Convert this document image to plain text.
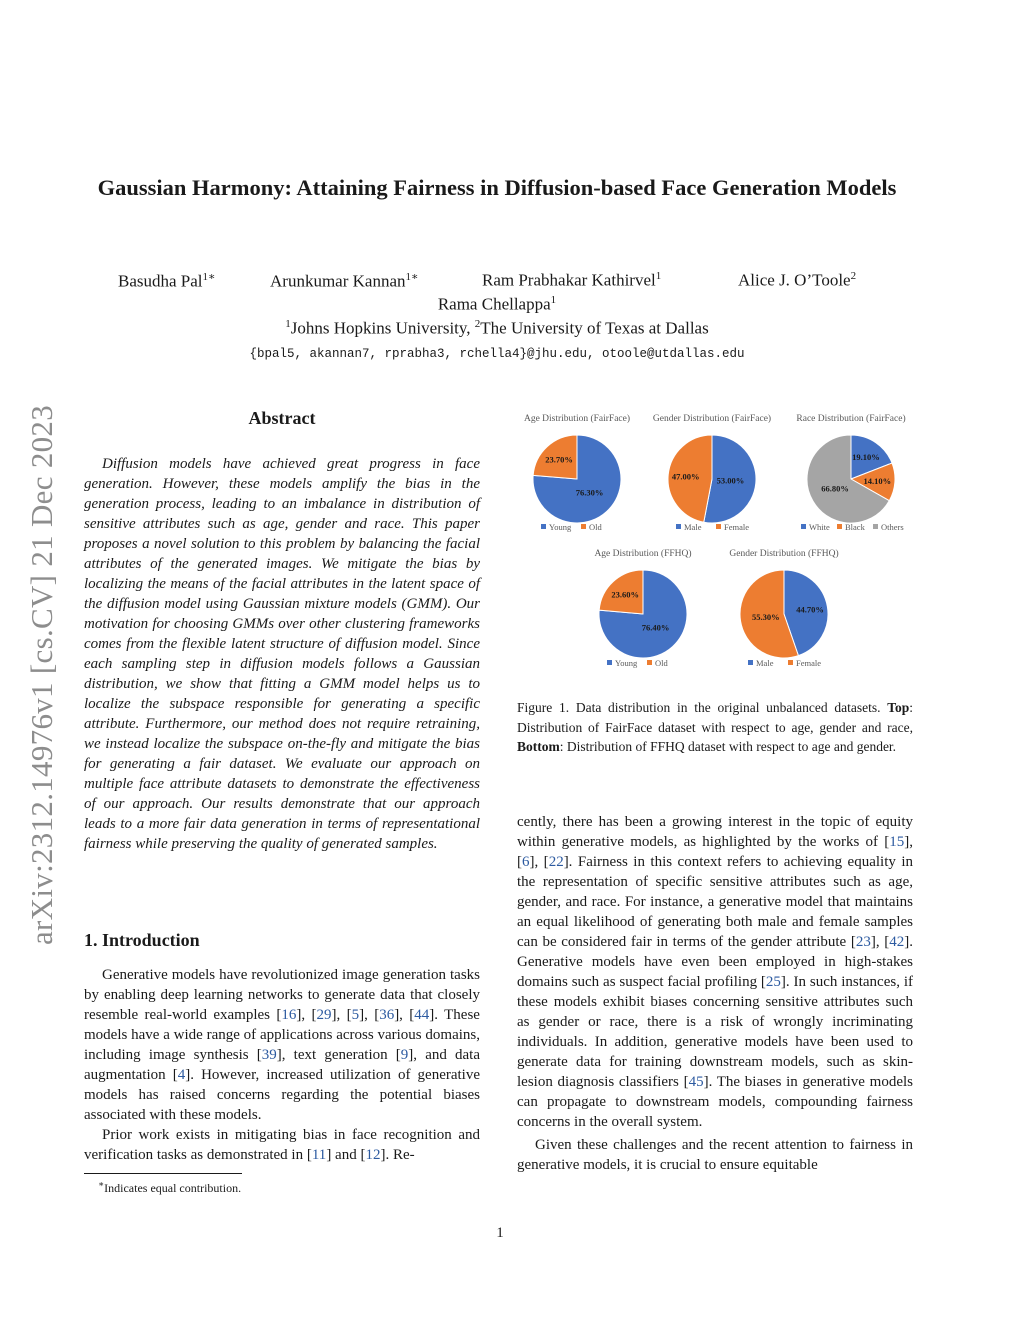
Gaussian Harmony: Attaining Fairness in Diffusion-based Face Generation Models
Basudha Pal$^{1∗}$	Arunkumar Kannan$^{1∗}$	Ram Prabhakar Kathirvel$^1$	Alice J. O’Toole$^2$
Rama Chellappa$^1$
$^1$Johns Hopkins University, $^2$The University of Texas at Dallas
{bpal5, akannan7, rprabha3, rchella4}@jhu.edu, otoole@utdallas.edu
arXiv:2312.14976v1 [cs.CV] 21 Dec 2023	Abstract

Diffusion models have achieved great progress in face generation. However, these models amplify the bias in the generation process, leading to an imbalance in distribution of sensitive attributes such as age, gender and race. This paper proposes a novel solution to this problem by balancing the facial attributes of the generated images. We mitigate the bias by localizing the means of the facial attributes in the latent space of the diffusion model using Gaussian mixture models (GMM). Our motivation for choosing GMMs over other clustering frameworks comes from the flexible latent structure of diffusion model. Since each sampling step in diffusion models follows a Gaussian distribution, we show that fitting a GMM model helps us to localize the subspace responsible for generating a specific attribute. Furthermore, our method does not require retraining, we instead localize the subspace on-the-fly and mitigate the bias for generating a fair dataset. We evaluate our approach on multiple face attribute datasets to demonstrate the effectiveness of our approach. Our results demonstrate that our approach leads to a more fair data generation in terms of representational fairness while preserving the quality of generated samples.

1. Introduction
Generative models have revolutionized image generation tasks by enabling deep learning networks to generate data that closely resemble real-world examples [16], [29], [5], [36], [44]. These models have a wide range of applications across various domains, including image synthesis [39], text generation [9], and data augmentation [4]. However, increased utilization of generative models has raised concerns regarding the potential biases associated with these models.
Prior work exists in mitigating bias in face recognition and verification tasks as demonstrated in [11] and [12]. Re-
∗Indicates equal contribution.
Age Distribution (FairFace)
76.30%
23.70%
Young Old
Gender Distribution (FairFace)
53.00%
47.00%
Male	Female
Race Distribution (FairFace)
19.10%
14.10%
66.80%
White Black Others
Age Distribution (FFHQ)
76.40%
23.60%
Young Old
Gender Distribution (FFHQ)
44.70%
55.30%
Male	Female

Figure 1. Data distribution in the original unbalanced datasets. Top: Distribution of FairFace dataset with respect to age, gender and race, Bottom: Distribution of FFHQ dataset with respect to age and gender.

cently, there has been a growing interest in the topic of equity within generative models, as highlighted by the works of [15], [6], [22]. Fairness in this context refers to achieving equality in the representation of specific sensitive attributes such as age, gender, and race. For instance, a generative model that maintains an equal likelihood of generating both male and female samples can be considered fair in terms of the gender attribute [23], [42]. Generative models have even been employed in high-stakes domains such as suspect facial profiling [25]. In such instances, if these models exhibit biases concerning sensitive attributes such as gender or race, there is a risk of wrongly incriminating individuals. In addition, generative models have been used to generate data for training downstream models, such as skin-lesion diagnosis classifiers [45]. The biases in generative models can propagate to downstream models, compounding fairness concerns in the overall system.
Given these challenges and the recent attention to fairness in generative models, it is crucial to ensure equitable
1
